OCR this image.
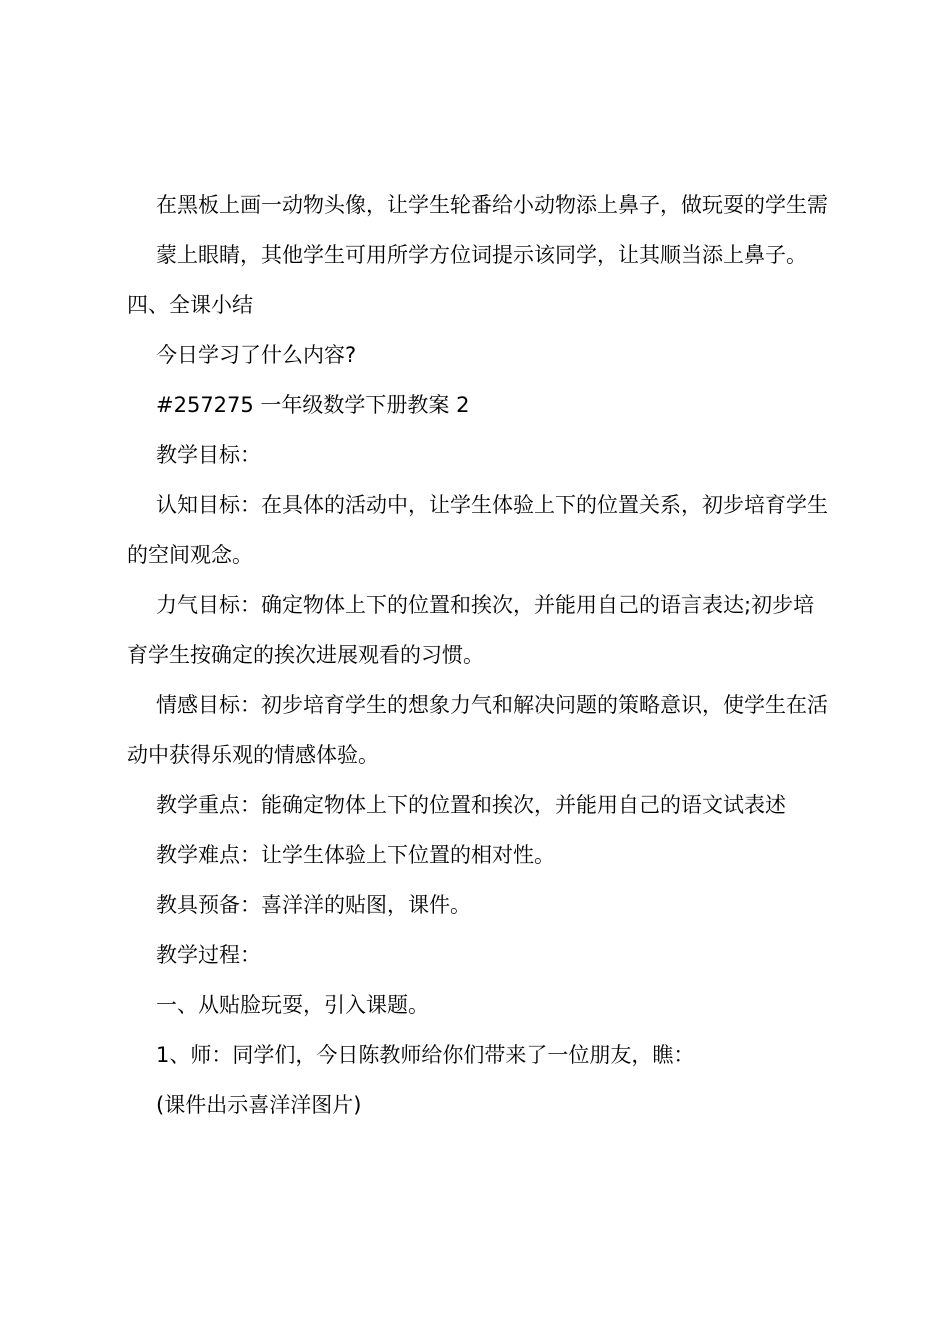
在黑板上画一动物头像，让学生轮番给小动物添上鼻子，做玩耍的学生需

蒙上眼睛，其他学生可用所学方位词提示该同学，让其顺当添上鼻子。四、全课小结

今日学习了什么内容?

#257275 一年级数学下册教案 2

教学目标：

认知目标：在具体的活动中，让学生体验上下的位置关系，初步培育学生的空间观念。

力气目标：确定物体上下的位置和挨次，并能用自己的语言表达;初步培育学生按确定的挨次进展观看的习惯。

情感目标：初步培育学生的想象力气和解决问题的策略意识，使学生在活动中获得乐观的情感体验。

教学重点：能确定物体上下的位置和挨次，并能用自己的语文试表述

教学难点：让学生体验上下位置的相对性。

教具预备：喜洋洋的贴图，课件。

教学过程：

一、从贴脸玩耍，引入课题。

1、师：同学们，今日陈教师给你们带来了一位朋友，瞧：

(课件出示喜洋洋图片)
